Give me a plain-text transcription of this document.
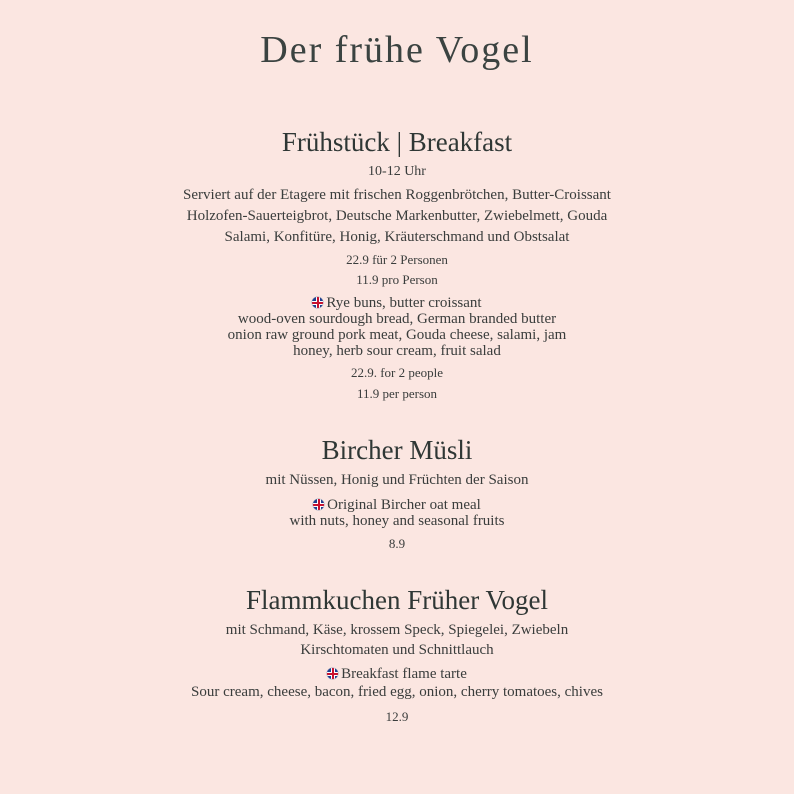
Der frühe Vogel
Frühstück | Breakfast
10-12 Uhr
Serviert auf der Etagere mit frischen Roggenbrötchen, Butter-Croissant
Holzofen-Sauerteigbrot, Deutsche Markenbutter, Zwiebelmett, Gouda
Salami, Konfitüre, Honig, Kräuterschmand und Obstsalat
22.9 für 2 Personen
11.9 pro Person
Rye buns, butter croissant
wood-oven sourdough bread, German branded butter
onion raw ground pork meat, Gouda cheese, salami, jam
honey, herb sour cream, fruit salad
22.9. for 2 people
11.9 per person
Bircher Müsli
mit Nüssen, Honig und Früchten der Saison
Original Bircher oat meal
with nuts, honey and seasonal fruits
8.9
Flammkuchen Früher Vogel
mit Schmand, Käse, krossem Speck, Spiegelei, Zwiebeln
Kirschtomaten und Schnittlauch
Breakfast flame tarte
Sour cream, cheese, bacon, fried egg, onion, cherry tomatoes, chives
12.9
